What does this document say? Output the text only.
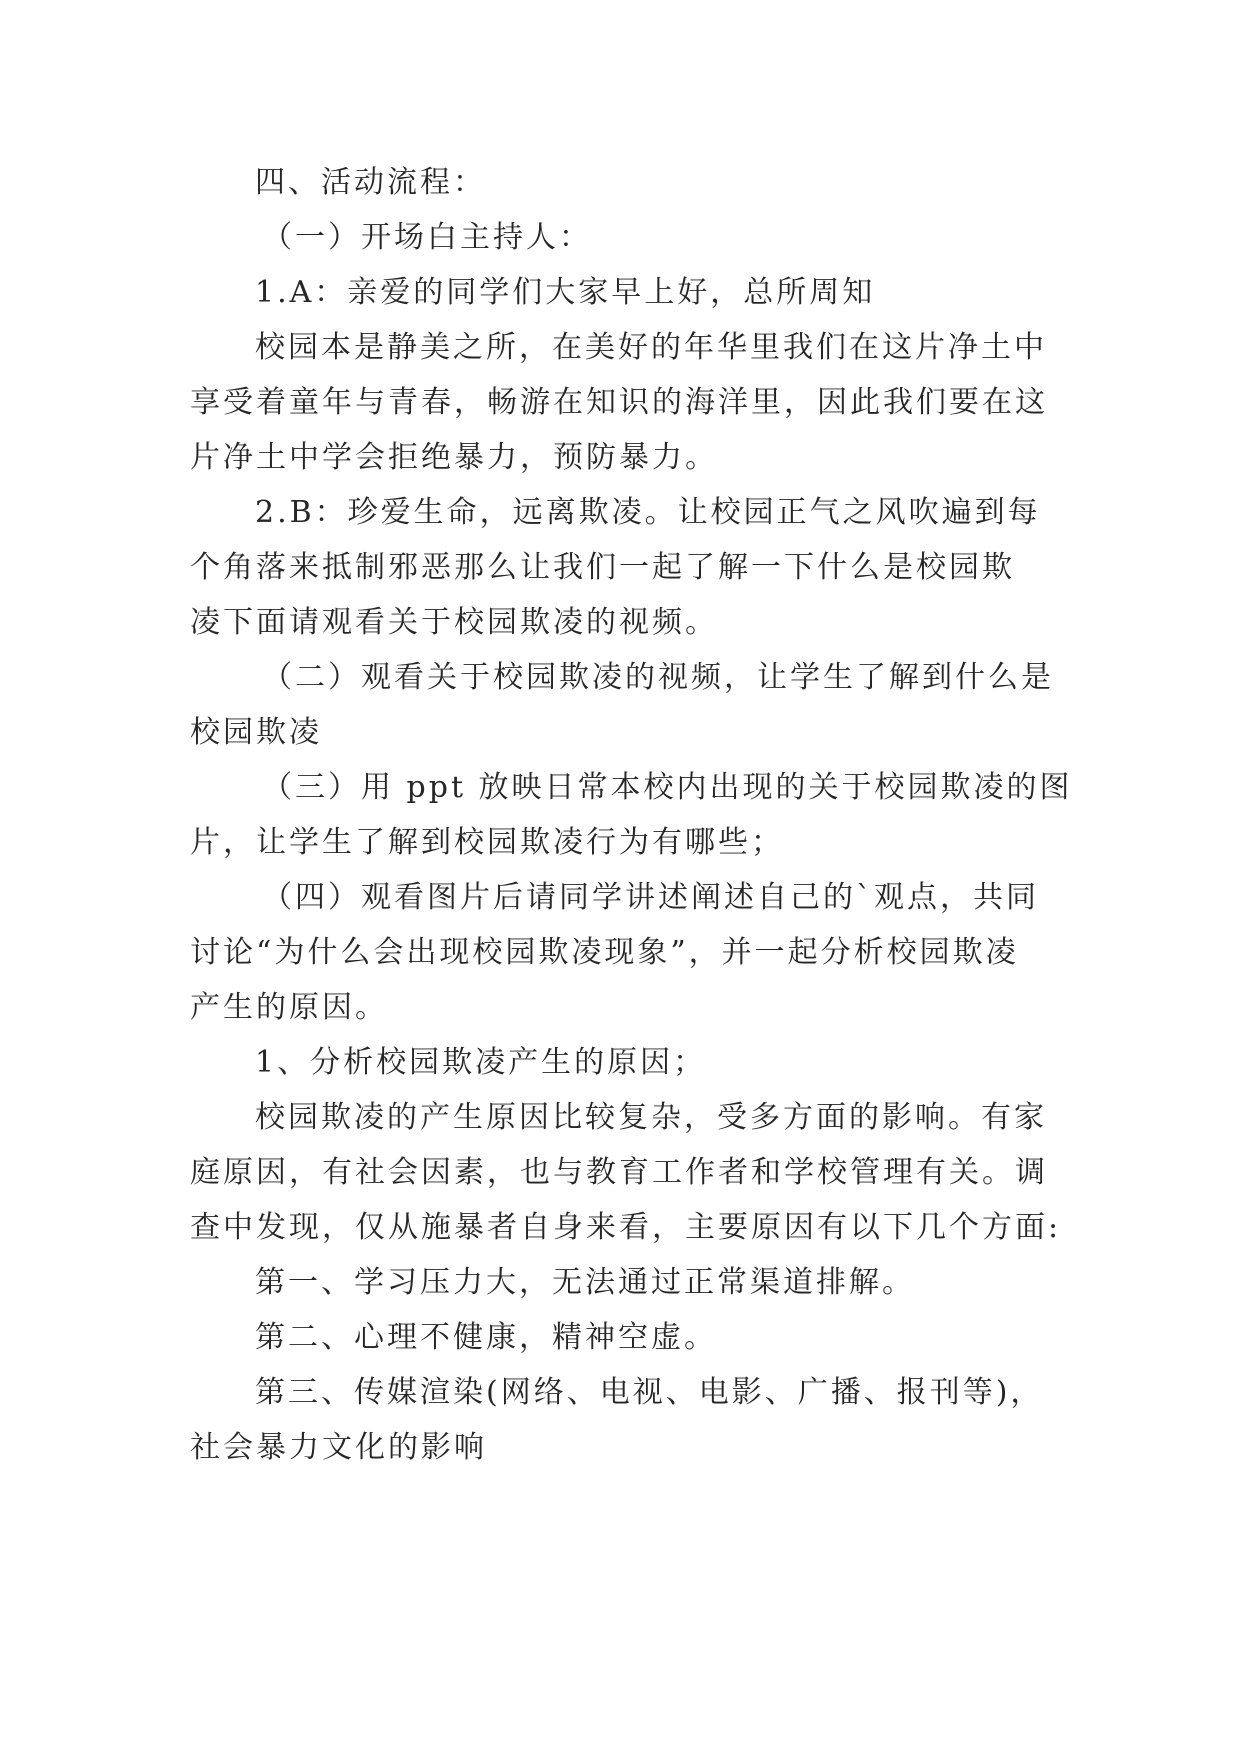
四、活动流程：

（一）开场白主持人：

1.A：亲爱的同学们大家早上好，总所周知

校园本是静美之所，在美好的年华里我们在这片净土中

享受着童年与青春，畅游在知识的海洋里，因此我们要在这

片净土中学会拒绝暴力，预防暴力。

2.B：珍爱生命，远离欺凌。让校园正气之风吹遍到每

个角落来抵制邪恶那么让我们一起了解一下什么是校园欺

凌下面请观看关于校园欺凌的视频。

（二）观看关于校园欺凌的视频，让学生了解到什么是

校园欺凌

（三）用 ppt 放映日常本校内出现的关于校园欺凌的图

片，让学生了解到校园欺凌行为有哪些；

（四）观看图片后请同学讲述阐述自己的`观点，共同

讨论“为什么会出现校园欺凌现象”，并一起分析校园欺凌

产生的原因。

1、分析校园欺凌产生的原因；

校园欺凌的产生原因比较复杂，受多方面的影响。有家

庭原因，有社会因素，也与教育工作者和学校管理有关。调

查中发现，仅从施暴者自身来看，主要原因有以下几个方面:

第一、学习压力大，无法通过正常渠道排解。

第二、心理不健康，精神空虚。

第三、传媒渲染(网络、电视、电影、广播、报刊等)，

社会暴力文化的影响
